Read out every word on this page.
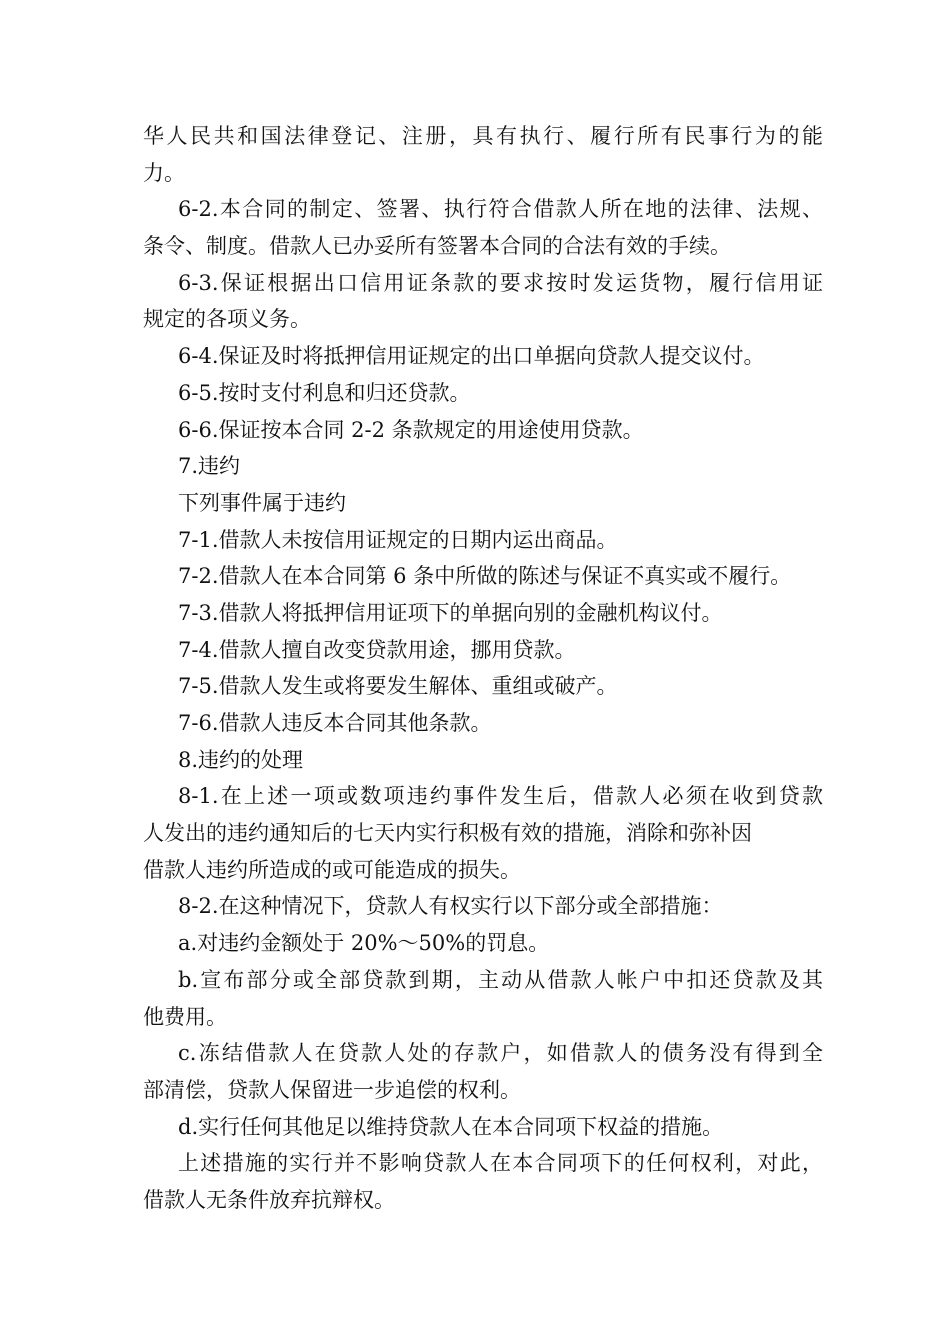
华人民共和国法律登记、注册，具有执行、履行所有民事行为的能
力。
6-2.本合同的制定、签署、执行符合借款人所在地的法律、法规、
条令、制度。借款人已办妥所有签署本合同的合法有效的手续。
6-3.保证根据出口信用证条款的要求按时发运货物，履行信用证
规定的各项义务。
6-4.保证及时将抵押信用证规定的出口单据向贷款人提交议付。
6-5.按时支付利息和归还贷款。
6-6.保证按本合同 2-2 条款规定的用途使用贷款。
7.违约
下列事件属于违约
7-1.借款人未按信用证规定的日期内运出商品。
7-2.借款人在本合同第 6 条中所做的陈述与保证不真实或不履行。
7-3.借款人将抵押信用证项下的单据向别的金融机构议付。
7-4.借款人擅自改变贷款用途，挪用贷款。
7-5.借款人发生或将要发生解体、重组或破产。
7-6.借款人违反本合同其他条款。
8.违约的处理
8-1.在上述一项或数项违约事件发生后，借款人必须在收到贷款
人发出的违约通知后的七天内实行积极有效的措施，消除和弥补因
借款人违约所造成的或可能造成的损失。
8-2.在这种情况下，贷款人有权实行以下部分或全部措施：
a.对违约金额处于 20%～50%的罚息。
b.宣布部分或全部贷款到期，主动从借款人帐户中扣还贷款及其
他费用。
c.冻结借款人在贷款人处的存款户，如借款人的债务没有得到全
部清偿，贷款人保留进一步追偿的权利。
d.实行任何其他足以维持贷款人在本合同项下权益的措施。
上述措施的实行并不影响贷款人在本合同项下的任何权利，对此，
借款人无条件放弃抗辩权。
